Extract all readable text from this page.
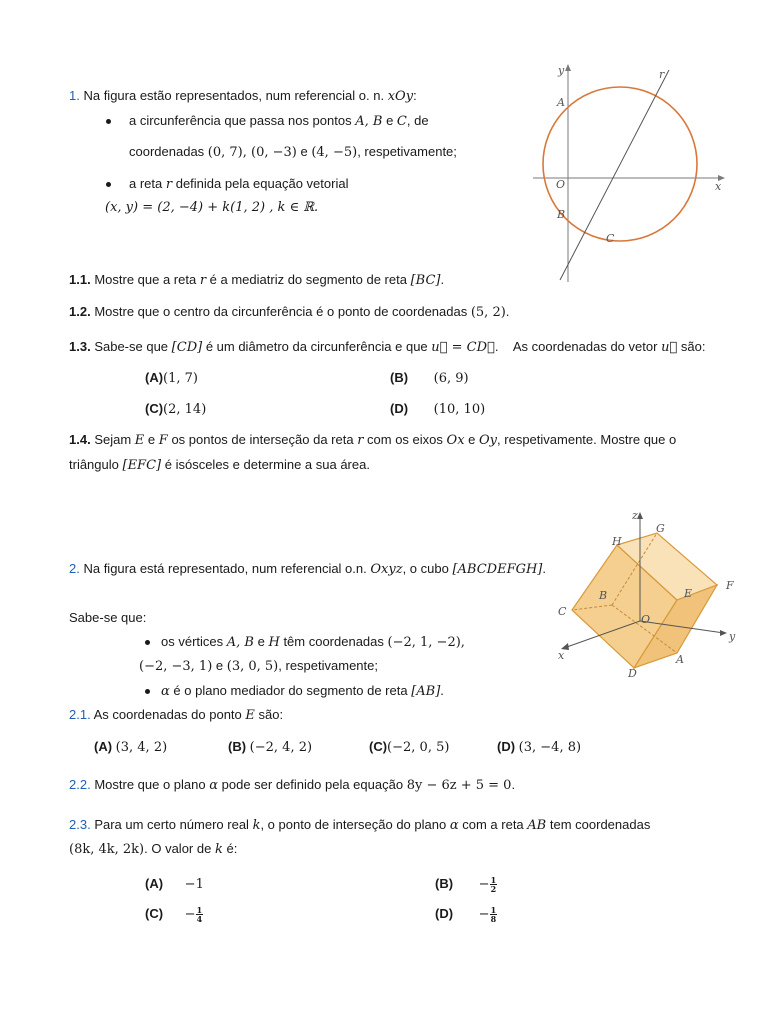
1. Na figura estão representados, num referencial o. n. xOy:
a circunferência que passa nos pontos A, B e C, de
coordenadas (0, 7), (0, −3) e (4, −5), respetivamente;
a reta r definida pela equação vetorial
(x, y) = (2, −4) + k(1, 2) , k ∈ ℝ.
y	r
A
O	x
B
C
1.1. Mostre que a reta r é a mediatriz do segmento de reta [BC].
1.2. Mostre que o centro da circunferência é o ponto de coordenadas (5, 2).
1.3. Sabe-se que [CD] é um diâmetro da circunferência e que u⃗ = CD⃗. As coordenadas do vetor u⃗ são:
(A)(1, 7)	(B) (6, 9)
(C)(2, 14)	(D) (10, 10)
1.4. Sejam E e F os pontos de interseção da reta r com os eixos Ox e Oy, respetivamente. Mostre que o
triângulo [EFC] é isósceles e determine a sua área.
2. Na figura está representado, num referencial o.n. Oxyz, o cubo [ABCDEFGH].
Sabe-se que:
os vértices A, B e H têm coordenadas (−2, 1, −2),
(−2, −3, 1) e (3, 0, 5), respetivamente;
α é o plano mediador do segmento de reta [AB].
z
G
H
F
B	E
C
O
y
x	A
D
2.1. As coordenadas do ponto E são:
(A) (3, 4, 2)	(B) (−2, 4, 2)	(C)(−2, 0, 5)	(D) (3, −4, 8)
2.2. Mostre que o plano α pode ser definido pela equação 8y − 6z + 5 = 0.
2.3. Para um certo número real k, o ponto de interseção do plano α com a reta AB tem coordenadas
(8k, 4k, 2k). O valor de k é:
(A) −1	$(B) - \frac{1}{2}$
$(C) - \frac{1}{4}$	$(D) - \frac{1}{8}$
